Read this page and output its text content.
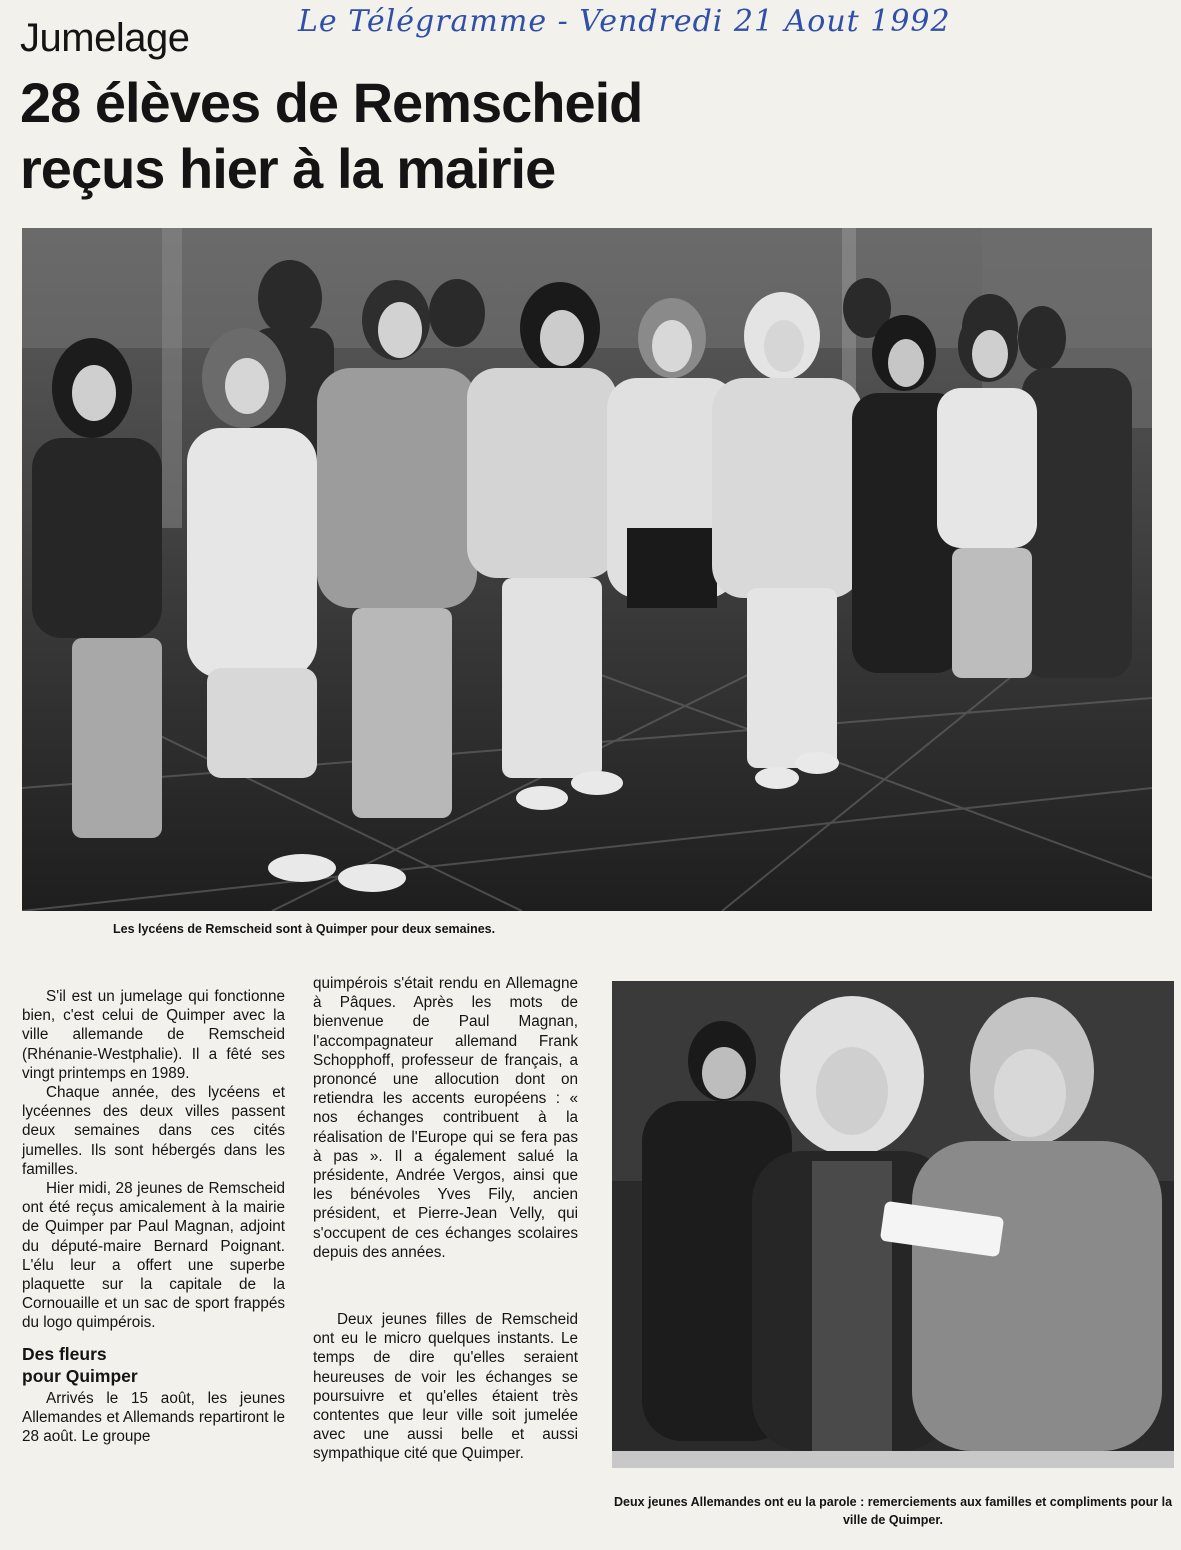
Le Télégramme - Vendredi 21 Aout 1992
Jumelage
28 élèves de Remscheid
reçus hier à la mairie
Les lycéens de Remscheid sont à Quimper pour deux semaines.

S'il est un jumelage qui fonctionne bien, c'est celui de Quimper avec la ville allemande de Remscheid (Rhénanie-Westphalie). Il a fêté ses vingt printemps en 1989.

Chaque année, des lycéens et lycéennes des deux villes passent deux semaines dans ces cités jumelles. Ils sont hébergés dans les familles.

Hier midi, 28 jeunes de Remscheid ont été reçus amicalement à la mairie de Quimper par Paul Magnan, adjoint du député-maire Bernard Poignant. L'élu leur a offert une superbe plaquette sur la capitale de la Cornouaille et un sac de sport frappés du logo quimpérois.

Des fleurs
pour Quimper

Arrivés le 15 août, les jeunes Allemandes et Allemands repartiront le 28 août. Le groupe

quimpérois s'était rendu en Allemagne à Pâques. Après les mots de bienvenue de Paul Magnan, l'accompagnateur allemand Frank Schopphoff, professeur de français, a prononcé une allocution dont on retiendra les accents européens : « nos échanges contribuent à la réalisation de l'Europe qui se fera pas à pas ». Il a également salué la présidente, Andrée Vergos, ainsi que les bénévoles Yves Fily, ancien président, et Pierre-Jean Velly, qui s'occupent de ces échanges scolaires depuis des années.

Deux jeunes filles de Remscheid ont eu le micro quelques instants. Le temps de dire qu'elles seraient heureuses de voir les échanges se poursuivre et qu'elles étaient très contentes que leur ville soit jumelée avec une aussi belle et aussi sympathique cité que Quimper.

Deux jeunes Allemandes ont eu la parole : remerciements aux familles et compliments pour la ville de Quimper.
